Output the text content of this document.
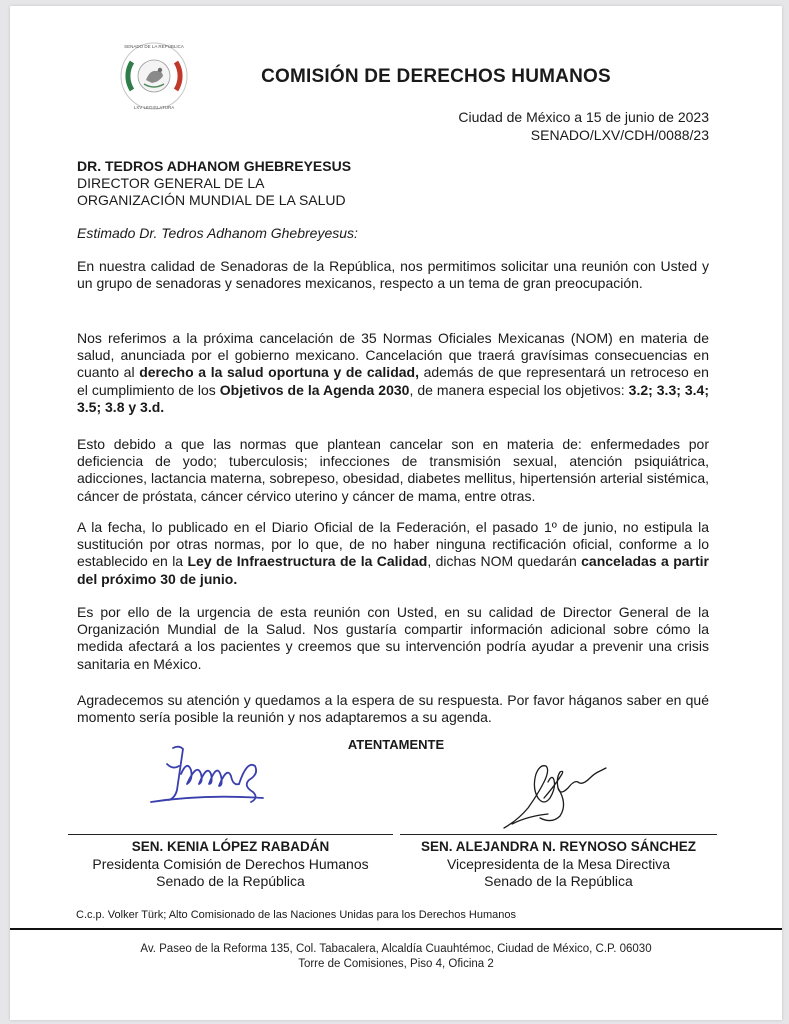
SENADO DE LA REPÚBLICA
LXV LEGISLATURA
COMISIÓN DE DERECHOS HUMANOS
Ciudad de México a 15 de junio de 2023
SENADO/LXV/CDH/0088/23
DR. TEDROS ADHANOM GHEBREYESUS
DIRECTOR GENERAL DE LA
ORGANIZACIÓN MUNDIAL DE LA SALUD
Estimado Dr. Tedros Adhanom Ghebreyesus:

En nuestra calidad de Senadoras de la República, nos permitimos solicitar una reunión con Usted y un grupo de senadoras y senadores mexicanos, respecto a un tema de gran preocupación.

Nos referimos a la próxima cancelación de 35 Normas Oficiales Mexicanas (NOM) en materia de salud, anunciada por el gobierno mexicano. Cancelación que traerá gravísimas consecuencias en cuanto al derecho a la salud oportuna y de calidad, además de que representará un retroceso en el cumplimiento de los Objetivos de la Agenda 2030, de manera especial los objetivos: 3.2; 3.3; 3.4; 3.5; 3.8 y 3.d.

Esto debido a que las normas que plantean cancelar son en materia de: enfermedades por deficiencia de yodo; tuberculosis; infecciones de transmisión sexual, atención psiquiátrica, adicciones, lactancia materna, sobrepeso, obesidad, diabetes mellitus, hipertensión arterial sistémica, cáncer de próstata, cáncer cérvico uterino y cáncer de mama, entre otras.

A la fecha, lo publicado en el Diario Oficial de la Federación, el pasado 1º de junio, no estipula la sustitución por otras normas, por lo que, de no haber ninguna rectificación oficial, conforme a lo establecido en la Ley de Infraestructura de la Calidad, dichas NOM quedarán canceladas a partir del próximo 30 de junio.

Es por ello de la urgencia de esta reunión con Usted, en su calidad de Director General de la Organización Mundial de la Salud. Nos gustaría compartir información adicional sobre cómo la medida afectará a los pacientes y creemos que su intervención podría ayudar a prevenir una crisis sanitaria en México.

Agradecemos su atención y quedamos a la espera de su respuesta. Por favor háganos saber en qué momento sería posible la reunión y nos adaptaremos a su agenda.

ATENTAMENTE
SEN. KENIA LÓPEZ RABADÁN
Presidenta Comisión de Derechos Humanos
Senado de la República
SEN. ALEJANDRA N. REYNOSO SÁNCHEZ
Vicepresidenta de la Mesa Directiva
Senado de la República
C.c.p. Volker Türk; Alto Comisionado de las Naciones Unidas para los Derechos Humanos
Av. Paseo de la Reforma 135, Col. Tabacalera, Alcaldía Cuauhtémoc, Ciudad de México, C.P. 06030
Torre de Comisiones, Piso 4, Oficina 2
